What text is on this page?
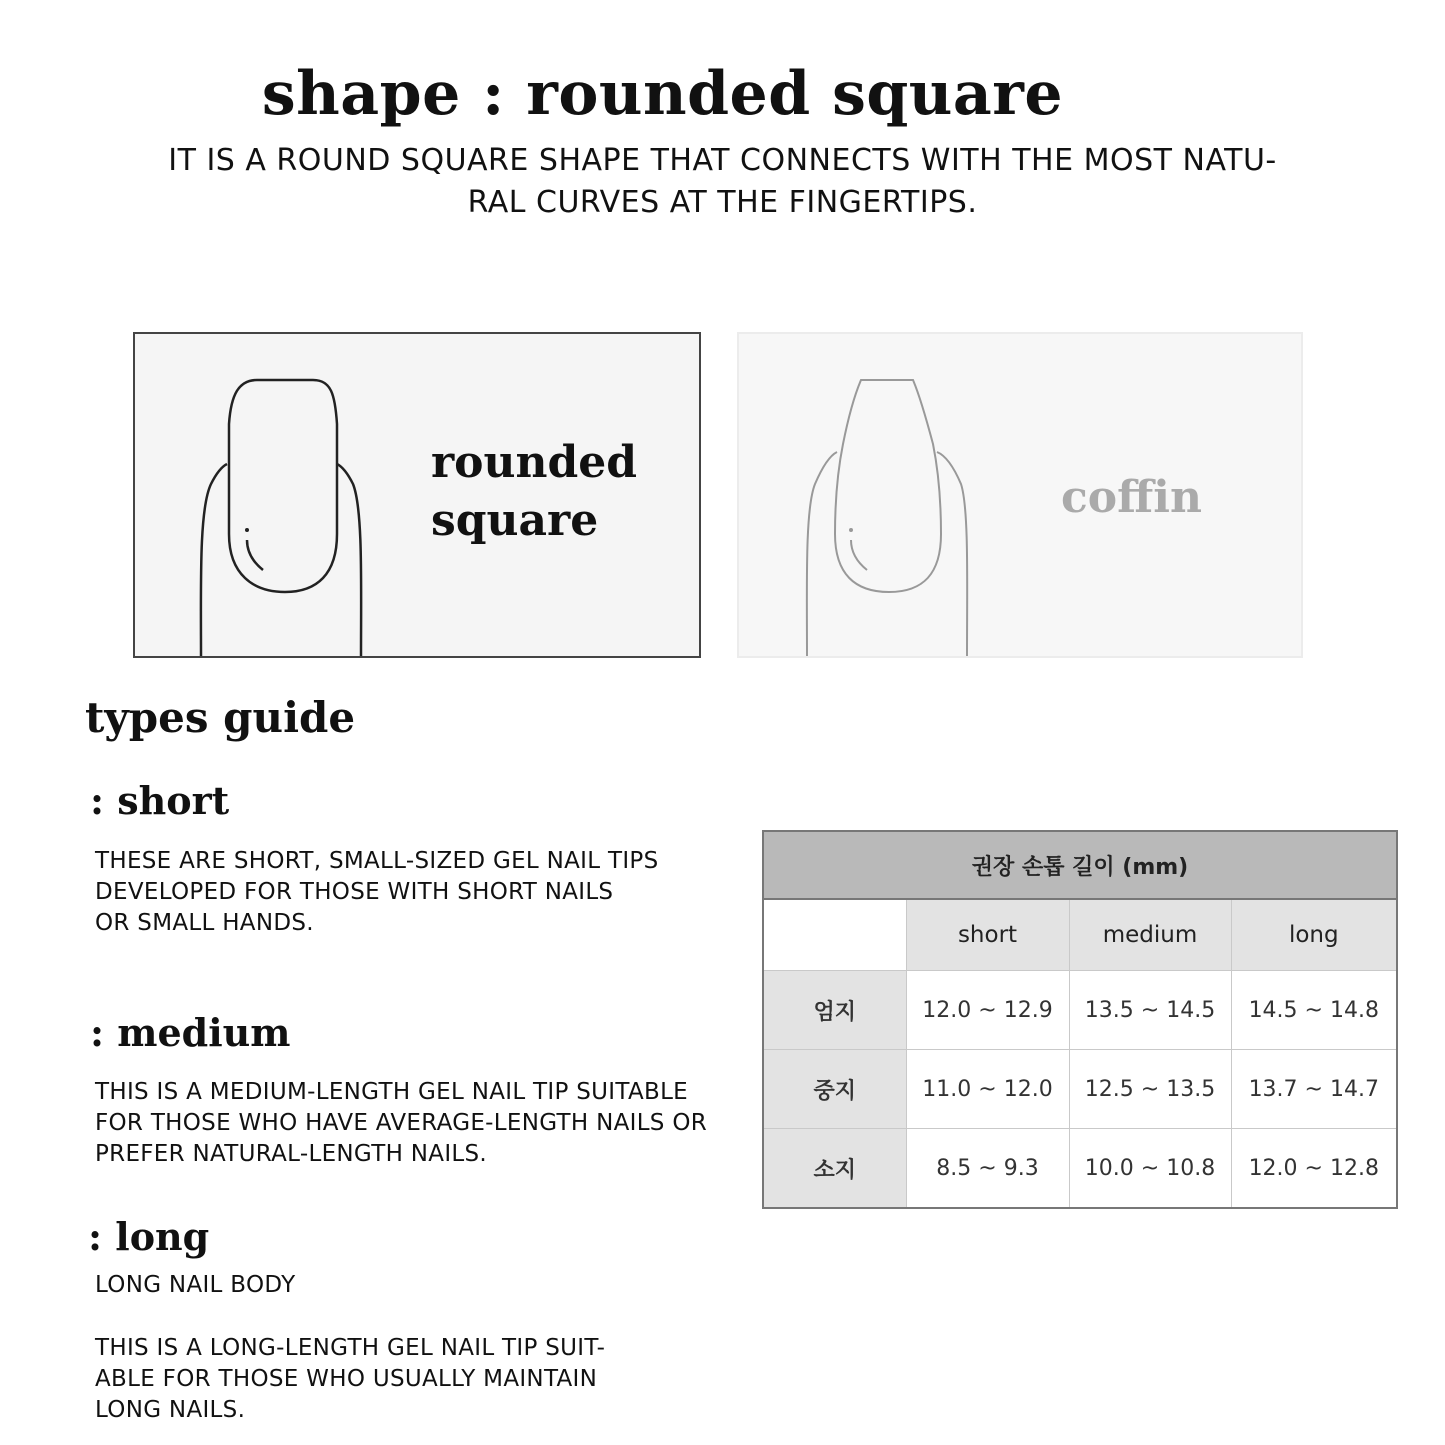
shape : rounded square
IT IS A ROUND SQUARE SHAPE THAT CONNECTS WITH THE MOST NATU-
RAL CURVES AT THE FINGERTIPS.
rounded
square	coffin
types guide
: short
THESE ARE SHORT, SMALL-SIZED GEL NAIL TIPS
DEVELOPED FOR THOSE WITH SHORT NAILS
OR SMALL HANDS.
: medium
THIS IS A MEDIUM-LENGTH GEL NAIL TIP SUITABLE
FOR THOSE WHO HAVE AVERAGE-LENGTH NAILS OR
PREFER NATURAL-LENGTH NAILS.
: long
LONG NAIL BODY
THIS IS A LONG-LENGTH GEL NAIL TIP SUIT-
ABLE FOR THOSE WHO USUALLY MAINTAIN
LONG NAILS.
권장 손톱 길이 (mm)			
	short	medium	long
엄지	12.0 ~ 12.9	13.5 ~ 14.5	14.5 ~ 14.8
중지	11.0 ~ 12.0	12.5 ~ 13.5	13.7 ~ 14.7
소지	8.5 ~ 9.3	10.0 ~ 10.8	12.0 ~ 12.8
